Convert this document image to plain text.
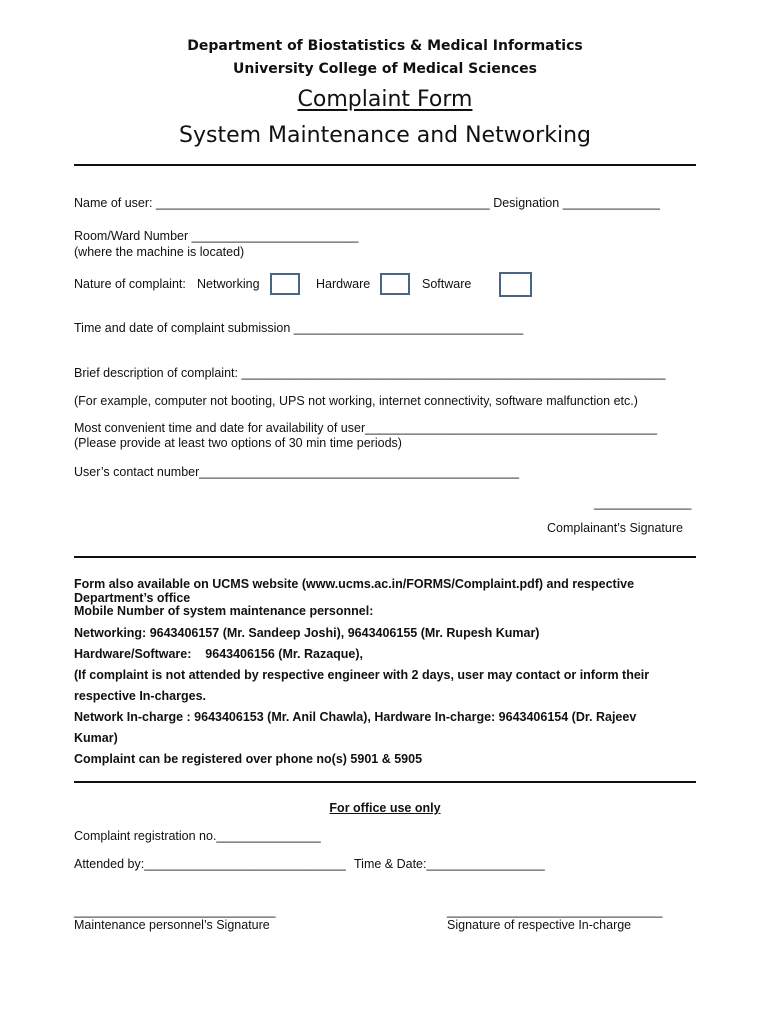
Department of Biostatistics & Medical Informatics
University College of Medical Sciences
Complaint Form
System Maintenance and Networking
Name of user: ________________________________________________ Designation ______________
Room/Ward Number ________________________
(where the machine is located)
Nature of complaint: Networking	Hardware	Software
Time and date of complaint submission _________________________________
Brief description of complaint: _____________________________________________________________
(For example, computer not booting, UPS not working, internet connectivity, software malfunction etc.)
Most convenient time and date for availability of user__________________________________________
(Please provide at least two options of 30 min time periods)
User’s contact number______________________________________________
______________
Complainant’s Signature
Form also available on UCMS website (www.ucms.ac.in/FORMS/Complaint.pdf) and respective
Department’s office
Mobile Number of system maintenance personnel:
Networking: 9643406157 (Mr. Sandeep Joshi), 9643406155 (Mr. Rupesh Kumar)
Hardware/Software:    9643406156 (Mr. Razaque),
(If complaint is not attended by respective engineer with 2 days, user may contact or inform their
respective In-charges.
Network In-charge : 9643406153 (Mr. Anil Chawla), Hardware In-charge: 9643406154 (Dr. Rajeev
Kumar)
Complaint can be registered over phone no(s) 5901 & 5905
For office use only
Complaint registration no._______________
Attended by:_____________________________ Time & Date:_________________
_____________________________
Maintenance personnel’s Signature
_______________________________
Signature of respective In-charge
